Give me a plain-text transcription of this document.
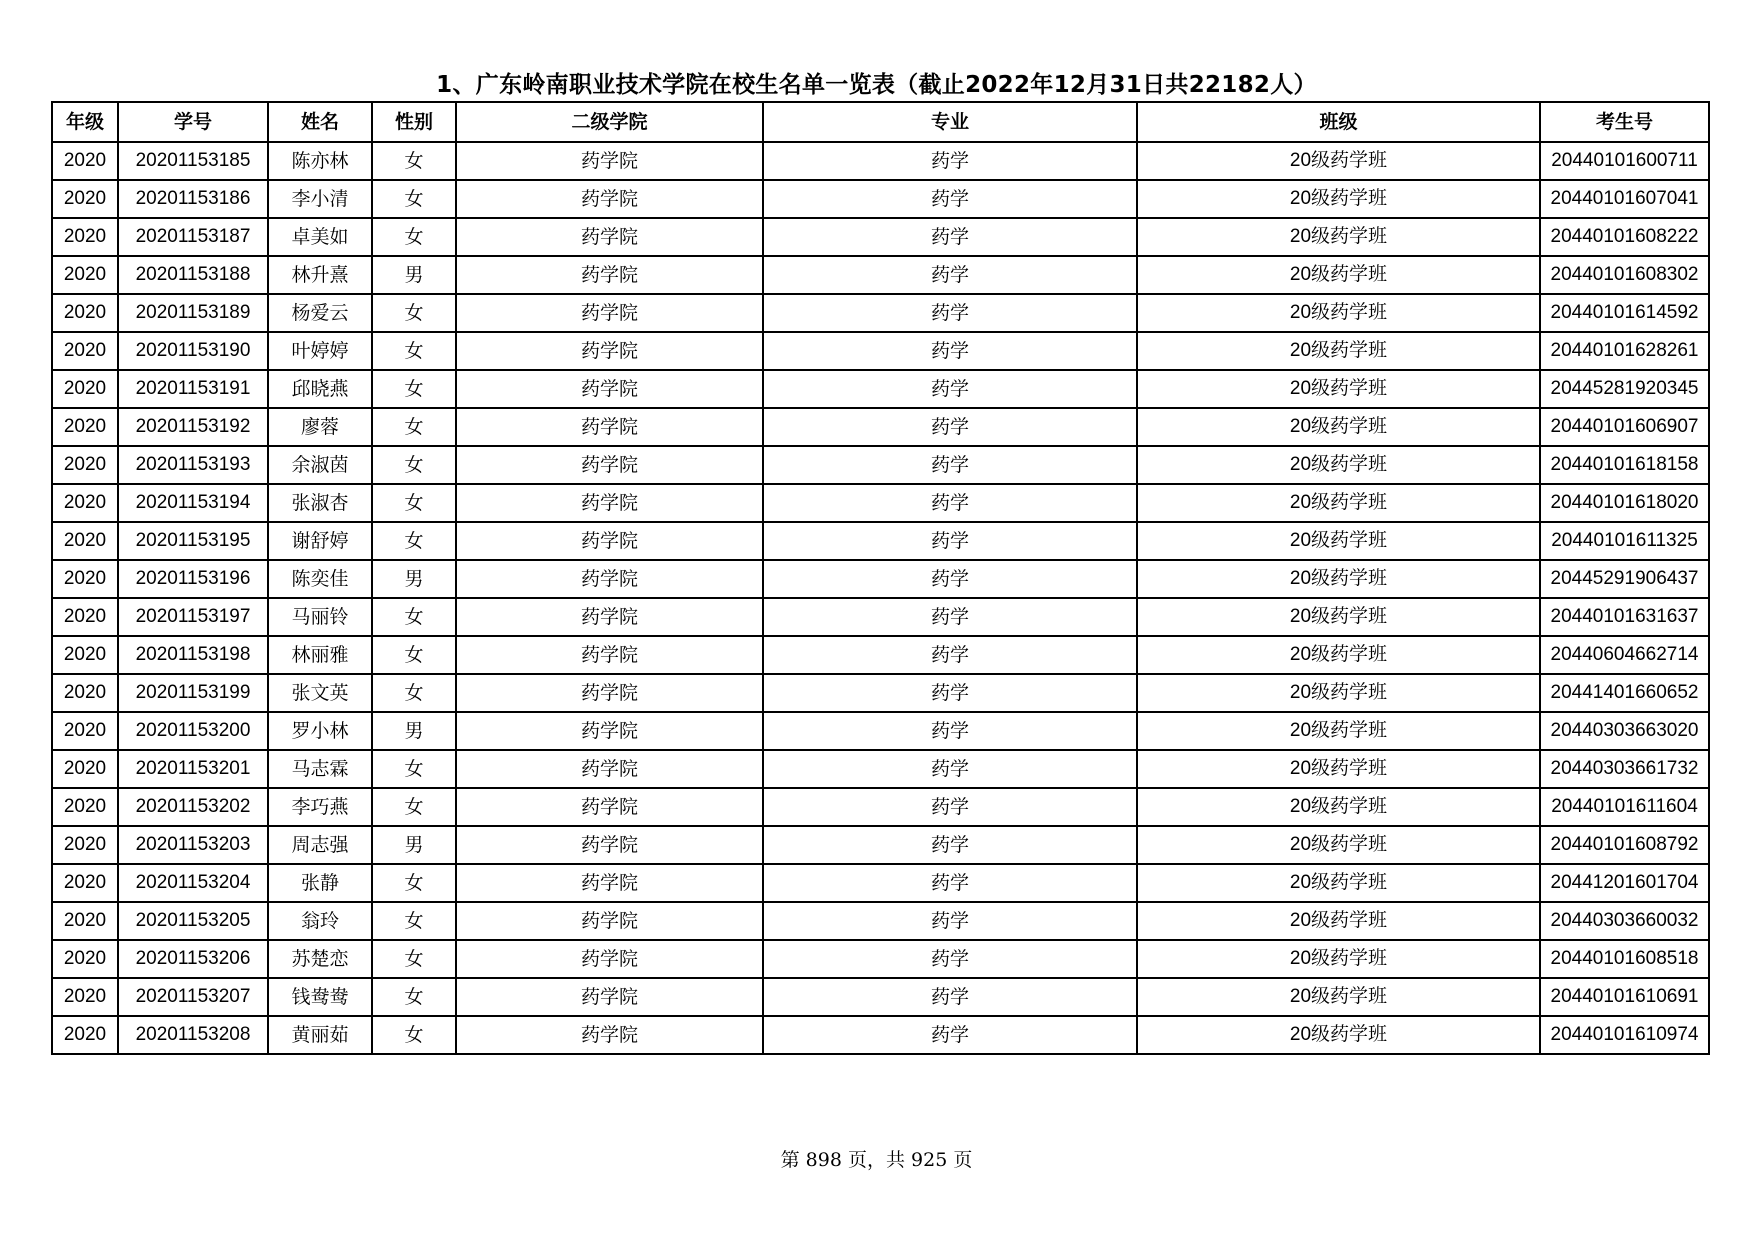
1、广东岭南职业技术学院在校生名单一览表（截止2022年12月31日共22182人）
年级	学号	姓名	性别	二级学院	专业	班级	考生号
2020	20201153185	陈亦林	女	药学院	药学	20级药学班	20440101600711
2020	20201153186	李小清	女	药学院	药学	20级药学班	20440101607041
2020	20201153187	卓美如	女	药学院	药学	20级药学班	20440101608222
2020	20201153188	林升熹	男	药学院	药学	20级药学班	20440101608302
2020	20201153189	杨爱云	女	药学院	药学	20级药学班	20440101614592
2020	20201153190	叶婷婷	女	药学院	药学	20级药学班	20440101628261
2020	20201153191	邱晓燕	女	药学院	药学	20级药学班	20445281920345
2020	20201153192	廖蓉	女	药学院	药学	20级药学班	20440101606907
2020	20201153193	余淑茵	女	药学院	药学	20级药学班	20440101618158
2020	20201153194	张淑杏	女	药学院	药学	20级药学班	20440101618020
2020	20201153195	谢舒婷	女	药学院	药学	20级药学班	20440101611325
2020	20201153196	陈奕佳	男	药学院	药学	20级药学班	20445291906437
2020	20201153197	马丽铃	女	药学院	药学	20级药学班	20440101631637
2020	20201153198	林丽雅	女	药学院	药学	20级药学班	20440604662714
2020	20201153199	张文英	女	药学院	药学	20级药学班	20441401660652
2020	20201153200	罗小林	男	药学院	药学	20级药学班	20440303663020
2020	20201153201	马志霖	女	药学院	药学	20级药学班	20440303661732
2020	20201153202	李巧燕	女	药学院	药学	20级药学班	20440101611604
2020	20201153203	周志强	男	药学院	药学	20级药学班	20440101608792
2020	20201153204	张静	女	药学院	药学	20级药学班	20441201601704
2020	20201153205	翁玲	女	药学院	药学	20级药学班	20440303660032
2020	20201153206	苏楚恋	女	药学院	药学	20级药学班	20440101608518
2020	20201153207	钱鸯鸯	女	药学院	药学	20级药学班	20440101610691
2020	20201153208	黄丽茹	女	药学院	药学	20级药学班	20440101610974
第 898 页，共 925 页
